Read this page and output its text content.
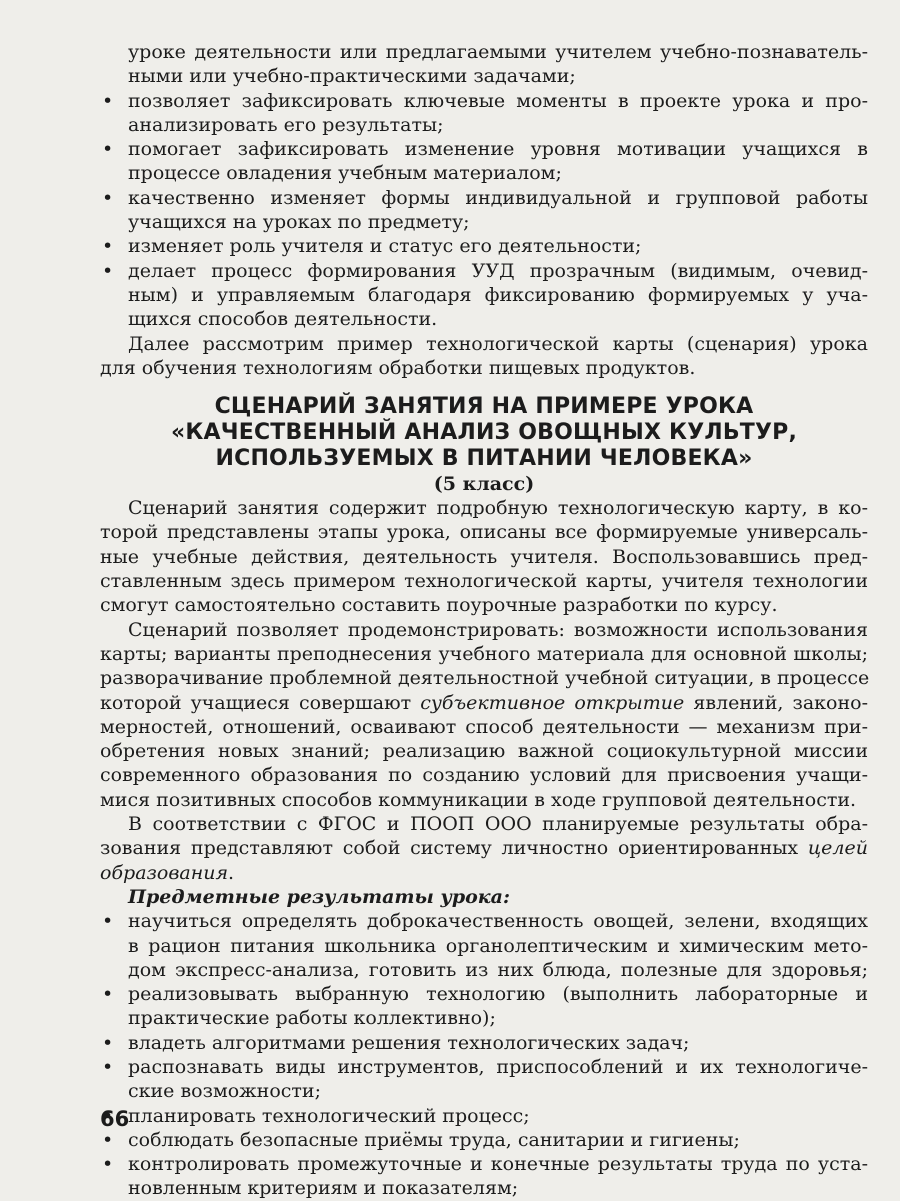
уроке деятельности или предлагаемыми учителем учебно-познаватель-
ными или учебно-практическими задачами;
• позволяет зафиксировать ключевые моменты в проекте урока и про-
анализировать его результаты;
• помогает зафиксировать изменение уровня мотивации учащихся в
процессе овладения учебным материалом;
• качественно изменяет формы индивидуальной и групповой работы
учащихся на уроках по предмету;
• изменяет роль учителя и статус его деятельности;
• делает процесс формирования УУД прозрачным (видимым, очевид-
ным) и управляемым благодаря фиксированию формируемых у уча-
щихся способов деятельности.
Далее рассмотрим пример технологической карты (сценария) урока
для обучения технологиям обработки пищевых продуктов.
СЦЕНАРИЙ ЗАНЯТИЯ НА ПРИМЕРЕ УРОКА
«КАЧЕСТВЕННЫЙ АНАЛИЗ ОВОЩНЫХ КУЛЬТУР,
ИСПОЛЬЗУЕМЫХ В ПИТАНИИ ЧЕЛОВЕКА»
(5 класс)
Сценарий занятия содержит подробную технологическую карту, в ко-
торой представлены этапы урока, описаны все формируемые универсаль-
ные учебные действия, деятельность учителя. Воспользовавшись пред-
ставленным здесь примером технологической карты, учителя технологии
смогут самостоятельно составить поурочные разработки по курсу.
Сценарий позволяет продемонстрировать: возможности использования
карты; варианты преподнесения учебного материала для основной школы;
разворачивание проблемной деятельностной учебной ситуации, в процессе
которой учащиеся совершают субъективное открытие явлений, законо-
мерностей, отношений, осваивают способ деятельности — механизм при-
обретения новых знаний; реализацию важной социокультурной миссии
современного образования по созданию условий для присвоения учащи-
мися позитивных способов коммуникации в ходе групповой деятельности.
В соответствии с ФГОС и ПООП ООО планируемые результаты обра-
зования представляют собой систему личностно ориентированных целей
образования.
Предметные результаты урока:
• научиться определять доброкачественность овощей, зелени, входящих
в рацион питания школьника органолептическим и химическим мето-
дом экспресс-анализа, готовить из них блюда, полезные для здоровья;
• реализовывать выбранную технологию (выполнить лабораторные и
практические работы коллективно);
• владеть алгоритмами решения технологических задач;
• распознавать виды инструментов, приспособлений и их технологиче-
ские возможности;
• планировать технологический процесс;
• соблюдать безопасные приёмы труда, санитарии и гигиены;
• контролировать промежуточные и конечные результаты труда по уста-
новленным критериям и показателям;
66
